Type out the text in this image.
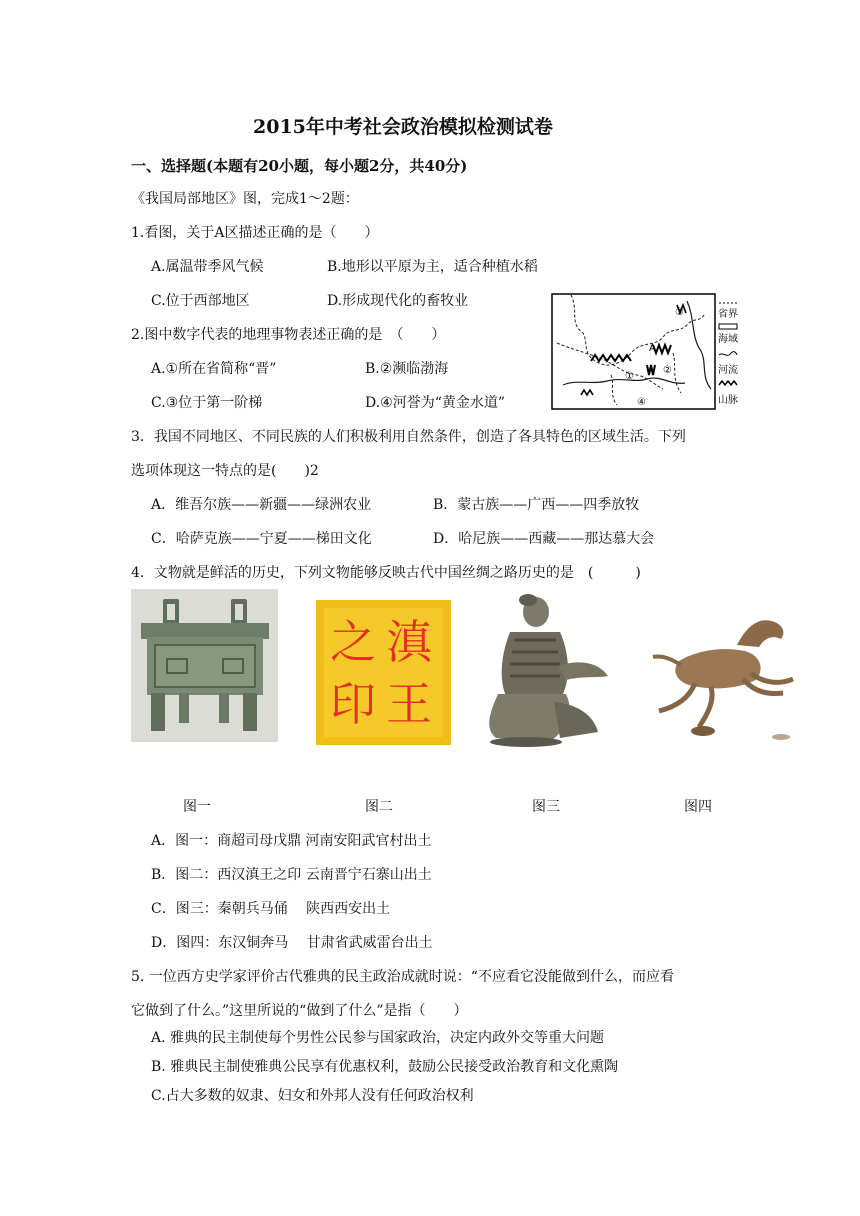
2015年中考社会政治模拟检测试卷
一、选择题(本题有20小题，每小题2分，共40分)
《我国局部地区》图，完成1～2题：
1.看图，关于A区描述正确的是（　　）
A.属温带季风气候	B.地形以平原为主，适合种植水稻
C.位于西部地区	D.形成现代化的畜牧业
2.图中数字代表的地理事物表述正确的是　（　　）
A.①所在省简称“晋”	B.②濒临渤海
C.③位于第一阶梯	D.④河誉为“黄金水道”
③
A
①
②
④
省界
海域
河流
山脉
3．我国不同地区、不同民族的人们积极利用自然条件，创造了各具特色的区域生活。下列
选项体现这一特点的是(　　)2
A．维吾尔族——新疆——绿洲农业	B．蒙古族——广西——四季放牧
C．哈萨克族——宁夏——梯田文化	D．哈尼族——西藏——那达慕大会
4．文物就是鲜活的历史，下列文物能够反映古代中国丝绸之路历史的是　(　　　)
滇
王
之
印
图一	图二	图三	图四
A．图一：商超司母戊鼎 河南安阳武官村出土
B．图二：西汉滇王之印 云南晋宁石寨山出土
C．图三：秦朝兵马俑　 陕西西安出土
D．图四：东汉铜奔马　 甘肃省武威雷台出土
5. 一位西方史学家评价古代雅典的民主政治成就时说：“不应看它没能做到什么，而应看
它做到了什么。”这里所说的“做到了什么”是指（　　）
A. 雅典的民主制使每个男性公民参与国家政治，决定内政外交等重大问题
B. 雅典民主制使雅典公民享有优惠权利，鼓励公民接受政治教育和文化熏陶
C.占大多数的奴隶、妇女和外邦人没有任何政治权利
